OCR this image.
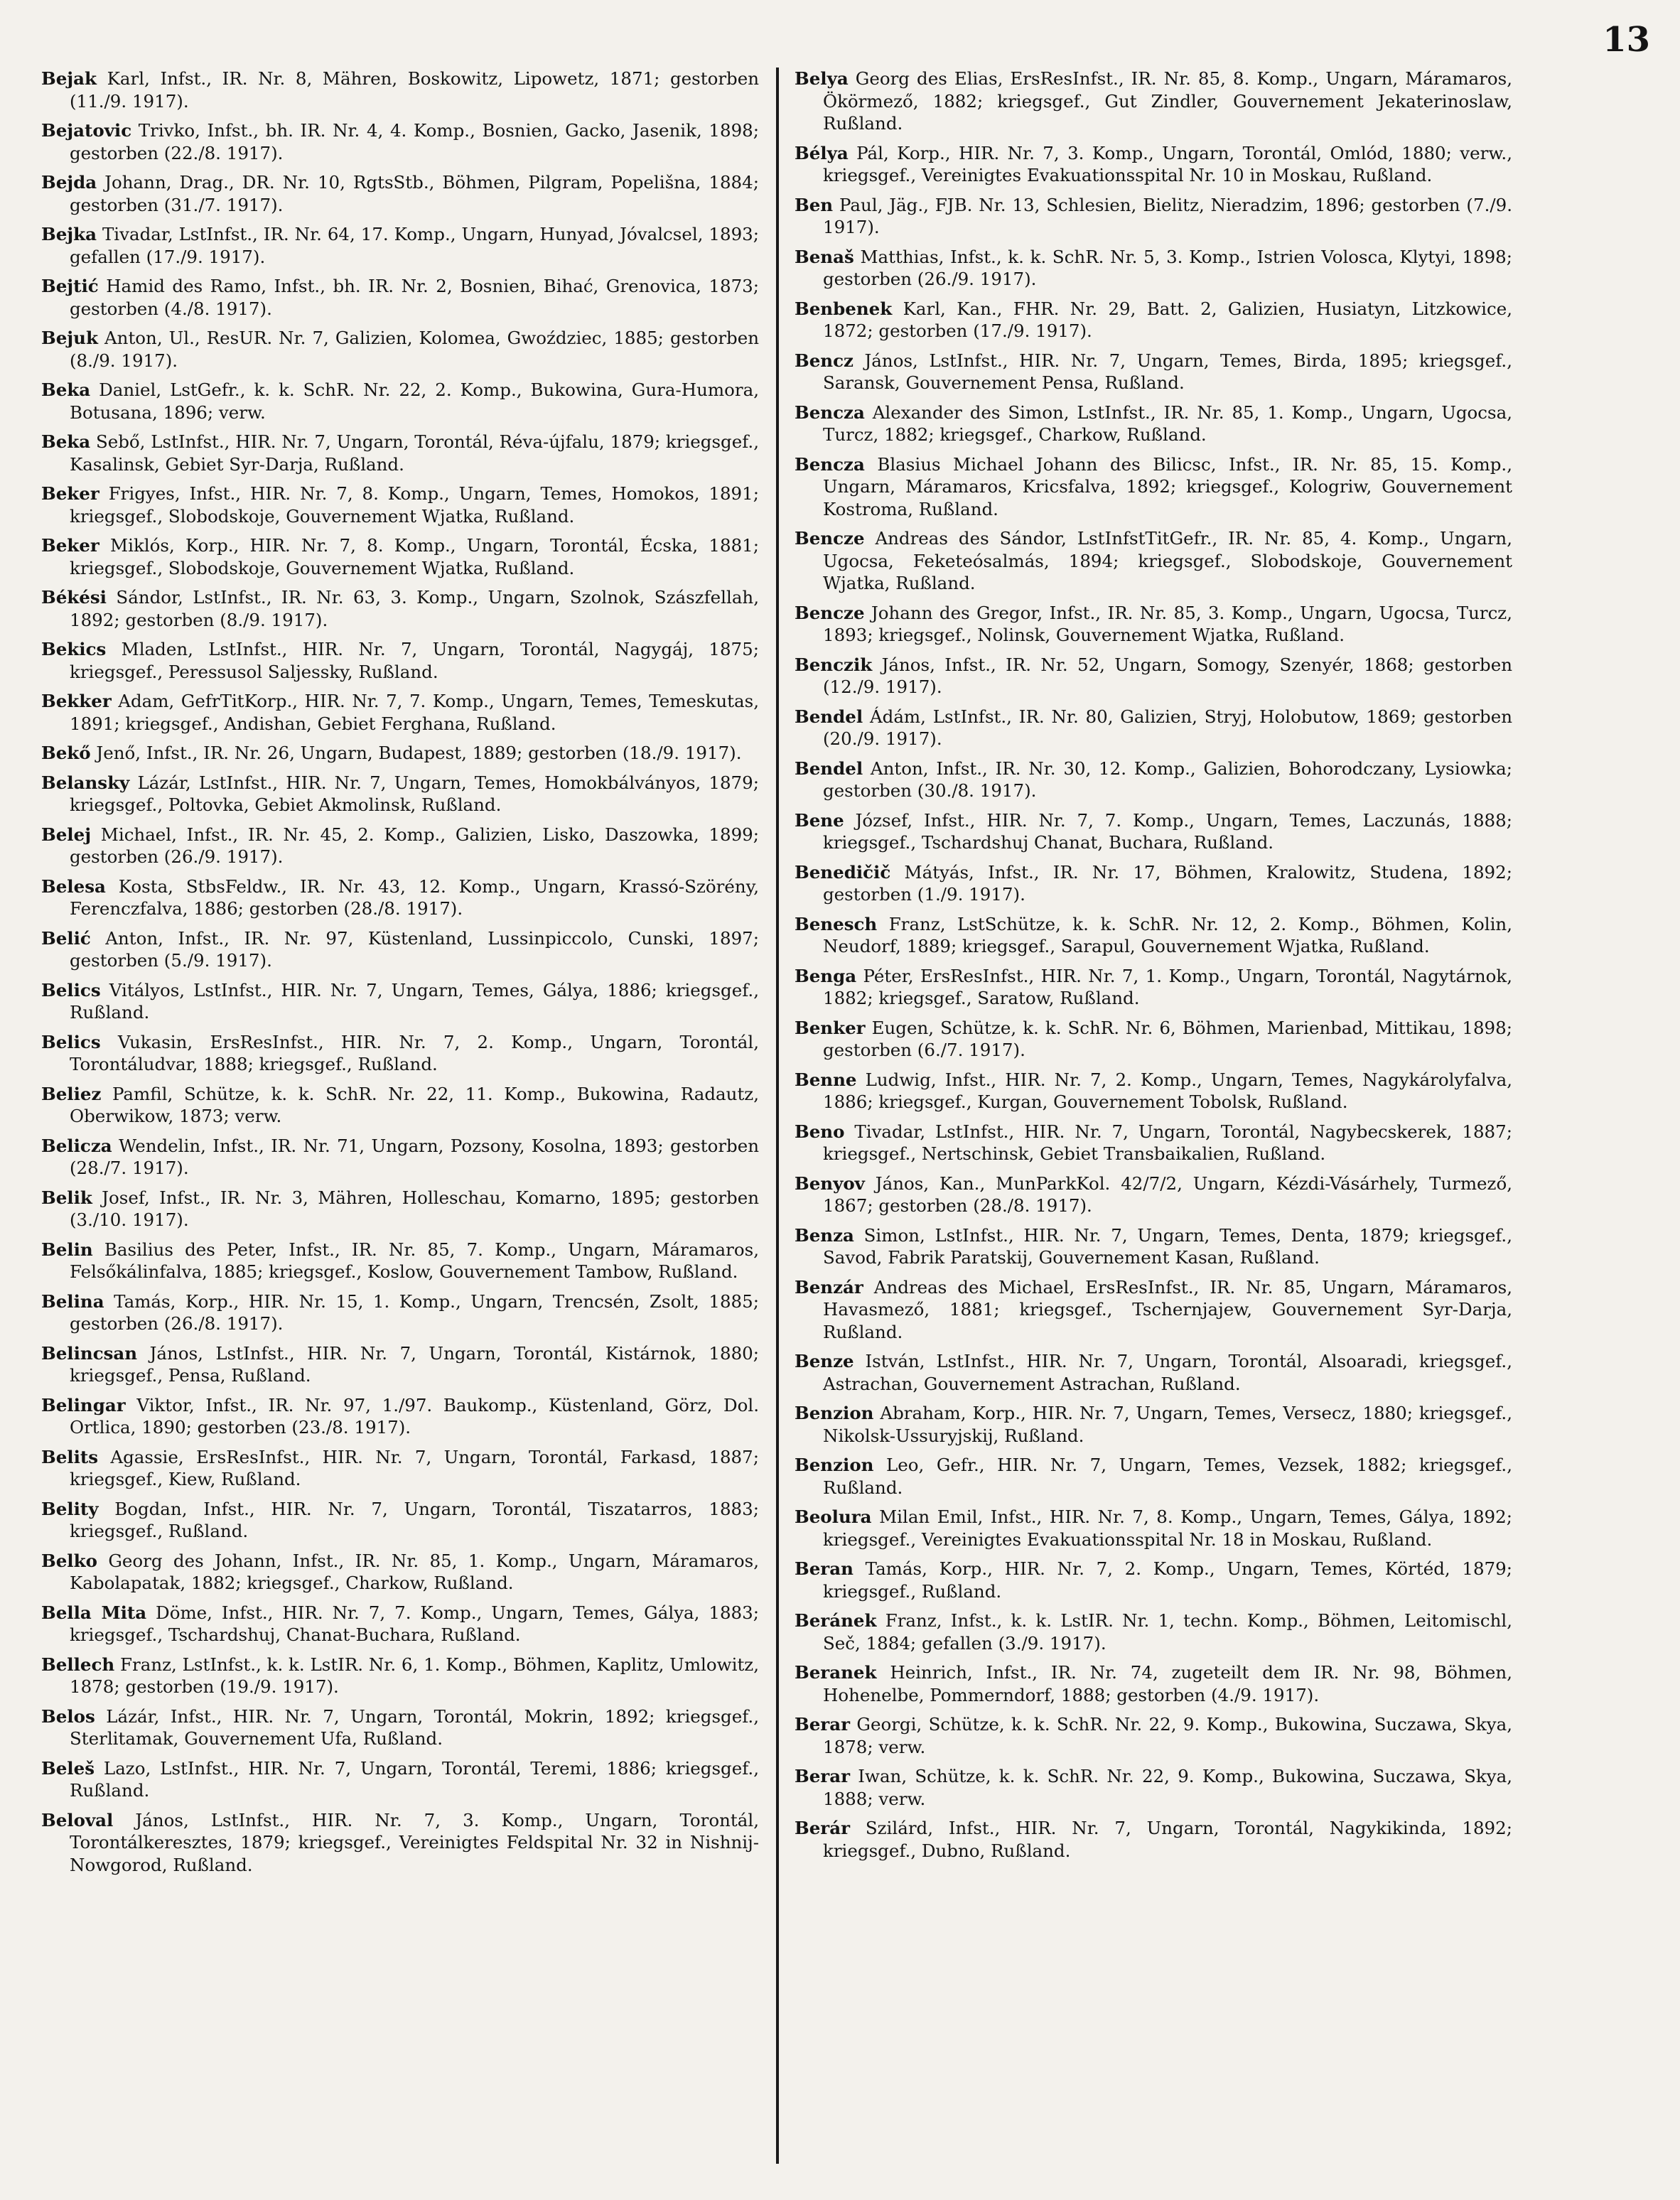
13

Bejak Karl, Infst., IR. Nr. 8, Mähren, Boskowitz, Lipowetz, 1871; gestorben (11./9. 1917).

Bejatovic Trivko, Infst., bh. IR. Nr. 4, 4. Komp., Bosnien, Gacko, Jasenik, 1898; gestorben (22./8. 1917).

Bejda Johann, Drag., DR. Nr. 10, RgtsStb., Böhmen, Pilgram, Popelišna, 1884; gestorben (31./7. 1917).

Bejka Tivadar, LstInfst., IR. Nr. 64, 17. Komp., Ungarn, Hunyad, Jóvalcsel, 1893; gefallen (17./9. 1917).

Bejtić Hamid des Ramo, Infst., bh. IR. Nr. 2, Bosnien, Bihać, Grenovica, 1873; gestorben (4./8. 1917).

Bejuk Anton, Ul., ResUR. Nr. 7, Galizien, Kolomea, Gwoździec, 1885; gestorben (8./9. 1917).

Beka Daniel, LstGefr., k. k. SchR. Nr. 22, 2. Komp., Bukowina, Gura-Humora, Botusana, 1896; verw.

Beka Sebő, LstInfst., HIR. Nr. 7, Ungarn, Torontál, Réva-újfalu, 1879; kriegsgef., Kasalinsk, Gebiet Syr-Darja, Rußland.

Beker Frigyes, Infst., HIR. Nr. 7, 8. Komp., Ungarn, Temes, Homokos, 1891; kriegsgef., Slobodskoje, Gouvernement Wjatka, Rußland.

Beker Miklós, Korp., HIR. Nr. 7, 8. Komp., Ungarn, Torontál, Écska, 1881; kriegsgef., Slobodskoje, Gouvernement Wjatka, Rußland.

Békési Sándor, LstInfst., IR. Nr. 63, 3. Komp., Ungarn, Szolnok, Szászfellah, 1892; gestorben (8./9. 1917).

Bekics Mladen, LstInfst., HIR. Nr. 7, Ungarn, Torontál, Nagygáj, 1875; kriegsgef., Peressusol Saljessky, Rußland.

Bekker Adam, GefrTitKorp., HIR. Nr. 7, 7. Komp., Ungarn, Temes, Temeskutas, 1891; kriegsgef., Andishan, Gebiet Ferghana, Rußland.

Bekő Jenő, Infst., IR. Nr. 26, Ungarn, Budapest, 1889; gestorben (18./9. 1917).

Belansky Lázár, LstInfst., HIR. Nr. 7, Ungarn, Temes, Homokbálványos, 1879; kriegsgef., Poltovka, Gebiet Akmolinsk, Rußland.

Belej Michael, Infst., IR. Nr. 45, 2. Komp., Galizien, Lisko, Daszowka, 1899; gestorben (26./9. 1917).

Belesa Kosta, StbsFeldw., IR. Nr. 43, 12. Komp., Ungarn, Krassó-Szörény, Ferenczfalva, 1886; gestorben (28./8. 1917).

Belić Anton, Infst., IR. Nr. 97, Küstenland, Lussinpiccolo, Cunski, 1897; gestorben (5./9. 1917).

Belics Vitályos, LstInfst., HIR. Nr. 7, Ungarn, Temes, Gálya, 1886; kriegsgef., Rußland.

Belics Vukasin, ErsResInfst., HIR. Nr. 7, 2. Komp., Ungarn, Torontál, Torontáludvar, 1888; kriegsgef., Rußland.

Beliez Pamfil, Schütze, k. k. SchR. Nr. 22, 11. Komp., Bukowina, Radautz, Oberwikow, 1873; verw.

Belicza Wendelin, Infst., IR. Nr. 71, Ungarn, Pozsony, Kosolna, 1893; gestorben (28./7. 1917).

Belik Josef, Infst., IR. Nr. 3, Mähren, Holleschau, Komarno, 1895; gestorben (3./10. 1917).

Belin Basilius des Peter, Infst., IR. Nr. 85, 7. Komp., Ungarn, Máramaros, Felsőkálinfalva, 1885; kriegsgef., Koslow, Gouvernement Tambow, Rußland.

Belina Tamás, Korp., HIR. Nr. 15, 1. Komp., Ungarn, Trencsén, Zsolt, 1885; gestorben (26./8. 1917).

Belincsan János, LstInfst., HIR. Nr. 7, Ungarn, Torontál, Kistárnok, 1880; kriegsgef., Pensa, Rußland.

Belingar Viktor, Infst., IR. Nr. 97, 1./97. Baukomp., Küstenland, Görz, Dol. Ortlica, 1890; gestorben (23./8. 1917).

Belits Agassie, ErsResInfst., HIR. Nr. 7, Ungarn, Torontál, Farkasd, 1887; kriegsgef., Kiew, Rußland.

Belity Bogdan, Infst., HIR. Nr. 7, Ungarn, Torontál, Tiszatarros, 1883; kriegsgef., Rußland.

Belko Georg des Johann, Infst., IR. Nr. 85, 1. Komp., Ungarn, Máramaros, Kabolapatak, 1882; kriegsgef., Charkow, Rußland.

Bella Mita Döme, Infst., HIR. Nr. 7, 7. Komp., Ungarn, Temes, Gálya, 1883; kriegsgef., Tschardshuj, Chanat-Buchara, Rußland.

Bellech Franz, LstInfst., k. k. LstIR. Nr. 6, 1. Komp., Böhmen, Kaplitz, Umlowitz, 1878; gestorben (19./9. 1917).

Belos Lázár, Infst., HIR. Nr. 7, Ungarn, Torontál, Mokrin, 1892; kriegsgef., Sterlitamak, Gouvernement Ufa, Rußland.

Beleš Lazo, LstInfst., HIR. Nr. 7, Ungarn, Torontál, Teremi, 1886; kriegsgef., Rußland.

Beloval János, LstInfst., HIR. Nr. 7, 3. Komp., Ungarn, Torontál, Torontálkeresztes, 1879; kriegsgef., Vereinigtes Feldspital Nr. 32 in Nishnij-Nowgorod, Rußland.

Belya Georg des Elias, ErsResInfst., IR. Nr. 85, 8. Komp., Ungarn, Máramaros, Ökörmező, 1882; kriegsgef., Gut Zindler, Gouvernement Jekaterinoslaw, Rußland.

Bélya Pál, Korp., HIR. Nr. 7, 3. Komp., Ungarn, Torontál, Omlód, 1880; verw., kriegsgef., Vereinigtes Evakuationsspital Nr. 10 in Moskau, Rußland.

Ben Paul, Jäg., FJB. Nr. 13, Schlesien, Bielitz, Nieradzim, 1896; gestorben (7./9. 1917).

Benaš Matthias, Infst., k. k. SchR. Nr. 5, 3. Komp., Istrien Volosca, Klytyi, 1898; gestorben (26./9. 1917).

Benbenek Karl, Kan., FHR. Nr. 29, Batt. 2, Galizien, Husiatyn, Litzkowice, 1872; gestorben (17./9. 1917).

Bencz János, LstInfst., HIR. Nr. 7, Ungarn, Temes, Birda, 1895; kriegsgef., Saransk, Gouvernement Pensa, Rußland.

Bencza Alexander des Simon, LstInfst., IR. Nr. 85, 1. Komp., Ungarn, Ugocsa, Turcz, 1882; kriegsgef., Charkow, Rußland.

Bencza Blasius Michael Johann des Bilicsc, Infst., IR. Nr. 85, 15. Komp., Ungarn, Máramaros, Kricsfalva, 1892; kriegsgef., Kologriw, Gouvernement Kostroma, Rußland.

Bencze Andreas des Sándor, LstInfstTitGefr., IR. Nr. 85, 4. Komp., Ungarn, Ugocsa, Feketeósalmás, 1894; kriegsgef., Slobodskoje, Gouvernement Wjatka, Rußland.

Bencze Johann des Gregor, Infst., IR. Nr. 85, 3. Komp., Ungarn, Ugocsa, Turcz, 1893; kriegsgef., Nolinsk, Gouvernement Wjatka, Rußland.

Benczik János, Infst., IR. Nr. 52, Ungarn, Somogy, Szenyér, 1868; gestorben (12./9. 1917).

Bendel Ádám, LstInfst., IR. Nr. 80, Galizien, Stryj, Holobutow, 1869; gestorben (20./9. 1917).

Bendel Anton, Infst., IR. Nr. 30, 12. Komp., Galizien, Bohorodczany, Lysiowka; gestorben (30./8. 1917).

Bene József, Infst., HIR. Nr. 7, 7. Komp., Ungarn, Temes, Laczunás, 1888; kriegsgef., Tschardshuj Chanat, Buchara, Rußland.

Benedičič Mátyás, Infst., IR. Nr. 17, Böhmen, Kralowitz, Studena, 1892; gestorben (1./9. 1917).

Benesch Franz, LstSchütze, k. k. SchR. Nr. 12, 2. Komp., Böhmen, Kolin, Neudorf, 1889; kriegsgef., Sarapul, Gouvernement Wjatka, Rußland.

Benga Péter, ErsResInfst., HIR. Nr. 7, 1. Komp., Ungarn, Torontál, Nagytárnok, 1882; kriegsgef., Saratow, Rußland.

Benker Eugen, Schütze, k. k. SchR. Nr. 6, Böhmen, Marienbad, Mittikau, 1898; gestorben (6./7. 1917).

Benne Ludwig, Infst., HIR. Nr. 7, 2. Komp., Ungarn, Temes, Nagykárolyfalva, 1886; kriegsgef., Kurgan, Gouvernement Tobolsk, Rußland.

Beno Tivadar, LstInfst., HIR. Nr. 7, Ungarn, Torontál, Nagybecskerek, 1887; kriegsgef., Nertschinsk, Gebiet Transbaikalien, Rußland.

Benyov János, Kan., MunParkKol. 42/7/2, Ungarn, Kézdi-Vásárhely, Turmező, 1867; gestorben (28./8. 1917).

Benza Simon, LstInfst., HIR. Nr. 7, Ungarn, Temes, Denta, 1879; kriegsgef., Savod, Fabrik Paratskij, Gouvernement Kasan, Rußland.

Benzár Andreas des Michael, ErsResInfst., IR. Nr. 85, Ungarn, Máramaros, Havasmező, 1881; kriegsgef., Tschernjajew, Gouvernement Syr-Darja, Rußland.

Benze István, LstInfst., HIR. Nr. 7, Ungarn, Torontál, Alsoaradi, kriegsgef., Astrachan, Gouvernement Astrachan, Rußland.

Benzion Abraham, Korp., HIR. Nr. 7, Ungarn, Temes, Versecz, 1880; kriegsgef., Nikolsk-Ussuryjskij, Rußland.

Benzion Leo, Gefr., HIR. Nr. 7, Ungarn, Temes, Vezsek, 1882; kriegsgef., Rußland.

Beolura Milan Emil, Infst., HIR. Nr. 7, 8. Komp., Ungarn, Temes, Gálya, 1892; kriegsgef., Vereinigtes Evakuationsspital Nr. 18 in Moskau, Rußland.

Beran Tamás, Korp., HIR. Nr. 7, 2. Komp., Ungarn, Temes, Körtéd, 1879; kriegsgef., Rußland.

Beránek Franz, Infst., k. k. LstIR. Nr. 1, techn. Komp., Böhmen, Leitomischl, Seč, 1884; gefallen (3./9. 1917).

Beranek Heinrich, Infst., IR. Nr. 74, zugeteilt dem IR. Nr. 98, Böhmen, Hohenelbe, Pommerndorf, 1888; gestorben (4./9. 1917).

Berar Georgi, Schütze, k. k. SchR. Nr. 22, 9. Komp., Bukowina, Suczawa, Skya, 1878; verw.

Berar Iwan, Schütze, k. k. SchR. Nr. 22, 9. Komp., Bukowina, Suczawa, Skya, 1888; verw.

Berár Szilárd, Infst., HIR. Nr. 7, Ungarn, Torontál, Nagykikinda, 1892; kriegsgef., Dubno, Rußland.
